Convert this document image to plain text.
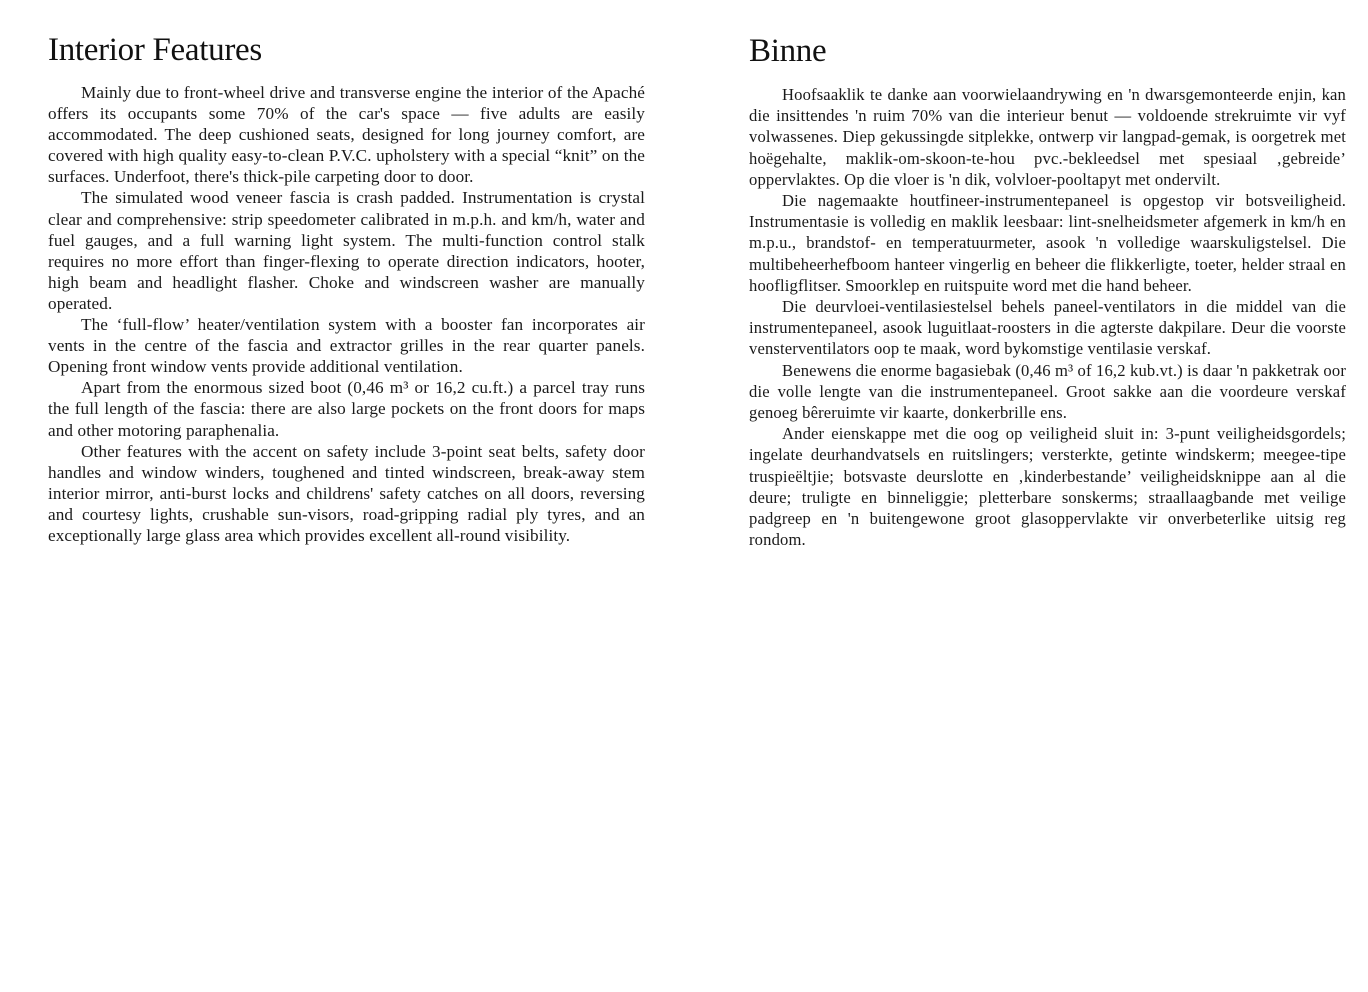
Interior Features

Mainly due to front-wheel drive and transverse engine the interior of the Apaché offers its occupants some 70% of the car's space — five adults are easily accommodated. The deep cushioned seats, designed for long journey comfort, are covered with high quality easy-to-clean P.V.C. upholstery with a special “knit” on the surfaces. Underfoot, there's thick-pile carpeting door to door.

The simulated wood veneer fascia is crash padded. Instrumentation is crystal clear and comprehensive: strip speedometer calibrated in m.p.h. and km/h, water and fuel gauges, and a full warning light system. The multi-function control stalk requires no more effort than finger-flexing to operate direction indicators, hooter, high beam and headlight flasher. Choke and windscreen washer are manually operated.

The ‘full-flow’ heater/ventilation system with a booster fan incorporates air vents in the centre of the fascia and extractor grilles in the rear quarter panels. Opening front window vents provide additional ventilation.

Apart from the enormous sized boot (0,46 m³ or 16,2 cu.ft.) a parcel tray runs the full length of the fascia: there are also large pockets on the front doors for maps and other motoring paraphenalia.

Other features with the accent on safety include 3-point seat belts, safety door handles and window winders, toughened and tinted windscreen, break-away stem interior mirror, anti-burst locks and childrens' safety catches on all doors, reversing and courtesy lights, crushable sun-visors, road-gripping radial ply tyres, and an exceptionally large glass area which provides excellent all-round visibility.

Binne

Hoofsaaklik te danke aan voorwielaandrywing en 'n dwarsgemonteerde enjin, kan die insittendes 'n ruim 70% van die interieur benut — voldoende strekruimte vir vyf volwassenes. Diep gekussingde sitplekke, ontwerp vir langpad-gemak, is oorgetrek met hoëgehalte, maklik-om-skoon-te-hou pvc.-bekleedsel met spesiaal ‚gebreide’ oppervlaktes. Op die vloer is 'n dik, volvloer-pooltapyt met ondervilt.

Die nagemaakte houtfineer-instrumentepaneel is opgestop vir botsveiligheid. Instrumentasie is volledig en maklik leesbaar: lint-snelheidsmeter afgemerk in km/h en m.p.u., brandstof- en temperatuurmeter, asook 'n volledige waarskuligstelsel. Die multibeheerhefboom hanteer vingerlig en beheer die flikkerligte, toeter, helder straal en hoofligflitser. Smoorklep en ruitspuite word met die hand beheer.

Die deurvloei-ventilasiestelsel behels paneel-ventilators in die middel van die instrumentepaneel, asook luguitlaat-roosters in die agterste dakpilare. Deur die voorste vensterventilators oop te maak, word bykomstige ventilasie verskaf.

Benewens die enorme bagasiebak (0,46 m³ of 16,2 kub.vt.) is daar 'n pakketrak oor die volle lengte van die instrumentepaneel. Groot sakke aan die voordeure verskaf genoeg bêreruimte vir kaarte, donkerbrille ens.

Ander eienskappe met die oog op veiligheid sluit in: 3-punt veiligheidsgordels; ingelate deurhandvatsels en ruitslingers; versterkte, getinte windskerm; meegee-tipe truspieëltjie; botsvaste deurslotte en ‚kinderbestande’ veiligheidsknippe aan al die deure; truligte en binneliggie; pletterbare sonskerms; straallaagbande met veilige padgreep en 'n buitengewone groot glasoppervlakte vir onverbeterlike uitsig reg rondom.
